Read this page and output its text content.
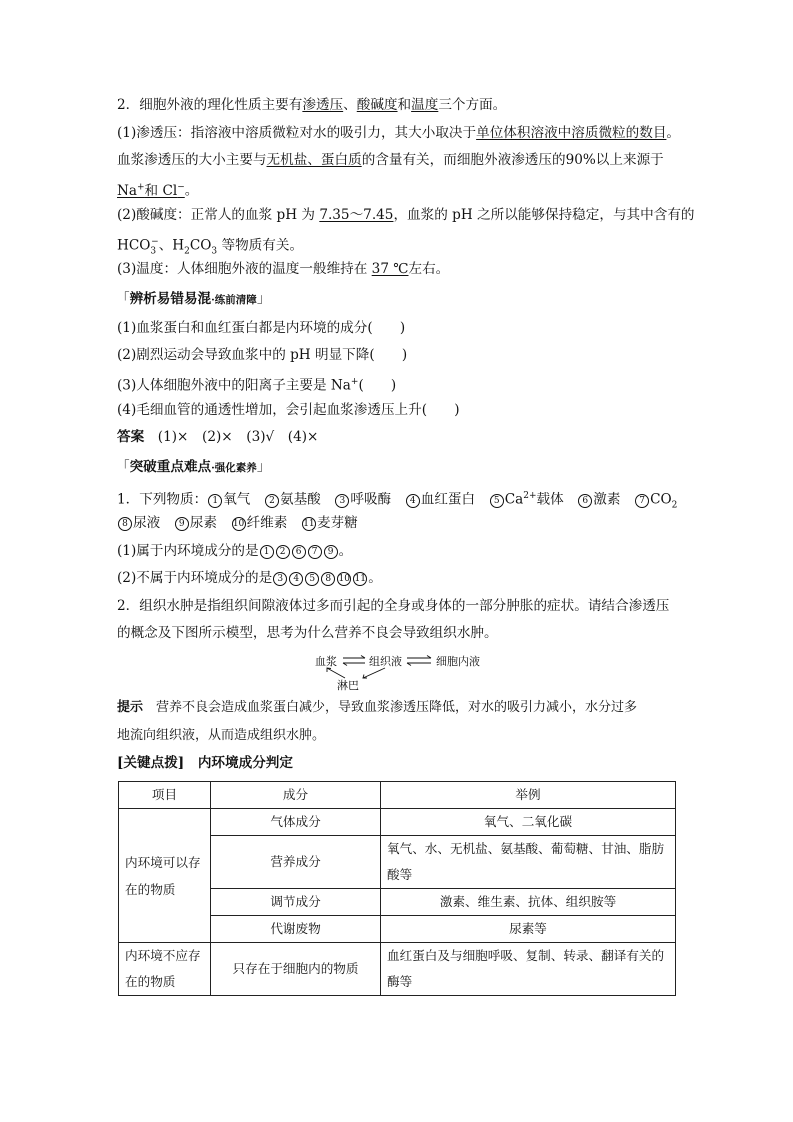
2．细胞外液的理化性质主要有渗透压、酸碱度和温度三个方面。
(1)渗透压：指溶液中溶质微粒对水的吸引力，其大小取决于单位体积溶液中溶质微粒的数目。
血浆渗透压的大小主要与无机盐、蛋白质的含量有关，而细胞外液渗透压的90%以上来源于
Na+和 Cl−。
(2)酸碱度：正常人的血浆 pH 为 7.35～7.45，血浆的 pH 之所以能够保持稳定，与其中含有的
$HCO_3^-$、$H_2CO_3$ 等物质有关。
(3)温度：人体细胞外液的温度一般维持在 37 ℃左右。
「辨析易错易混·练前清障」
(1)血浆蛋白和血红蛋白都是内环境的成分(　　)
(2)剧烈运动会导致血浆中的 pH 明显下降(　　)
(3)人体细胞外液中的阳离子主要是 Na+(　　)
(4)毛细血管的通透性增加，会引起血浆渗透压上升(　　)
答案　 (1)×　(2)×　(3)√　(4)×
「突破重点难点·强化素养」
1．下列物质： 1 氧气　2 氨基酸　3 呼吸酶　4 血红蛋白　5 $Ca^{2+}$载体　6 激素　7 $CO_2$
8 尿液　9 尿素　10 纤维素　11 麦芽糖
(1)属于内环境成分的是 1 2 6 7 9 。
(2)不属于内环境成分的是 3 4 5 8 10 11 。
2．组织水肿是指组织间隙液体过多而引起的全身或身体的一部分肿胀的症状。请结合渗透压
的概念及下图所示模型，思考为什么营养不良会导致组织水肿。
血浆	组织液	细胞内液
淋巴
提示　 营养不良会造成血浆蛋白减少，导致血浆渗透压降低，对水的吸引力减小，水分过多
地流向组织液，从而造成组织水肿。
[关键点拨]　 内环境成分判定
项目	成分	举例
内环境可以存在的物质	气体成分	氧气、二氧化碳
	营养成分	氧气、水、无机盐、氨基酸、葡萄糖、甘油、脂肪酸等
	调节成分	激素、维生素、抗体、组织胺等
	代谢废物	尿素等
内环境不应存在的物质	只存在于细胞内的物质	血红蛋白及与细胞呼吸、复制、转录、翻译有关的酶等
